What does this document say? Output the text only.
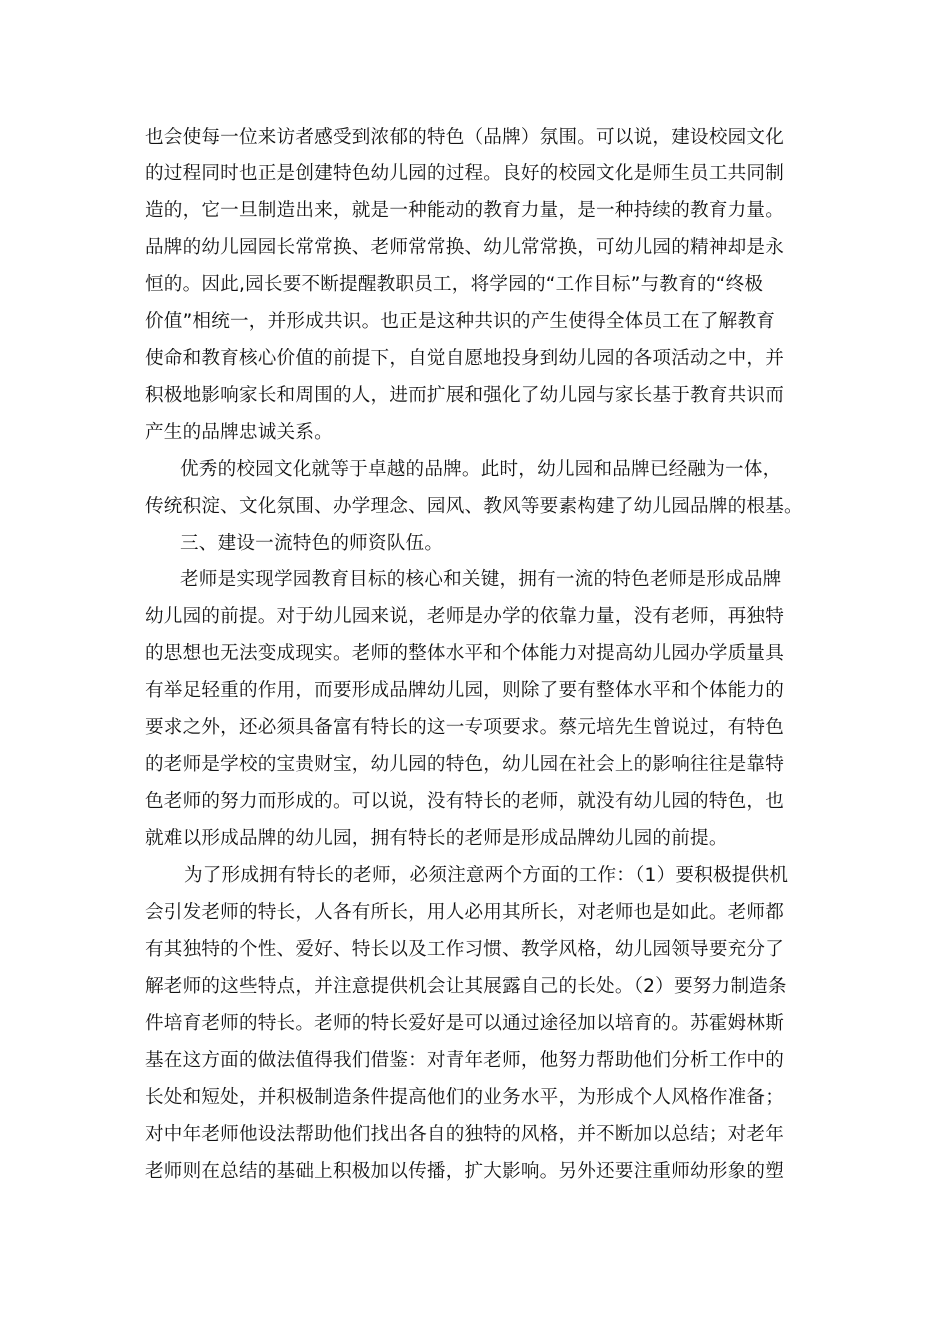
也会使每一位来访者感受到浓郁的特色（品牌）氛围。可以说，建设校园文化
的过程同时也正是创建特色幼儿园的过程。良好的校园文化是师生员工共同制
造的，它一旦制造出来，就是一种能动的教育力量，是一种持续的教育力量。
品牌的幼儿园园长常常换、老师常常换、幼儿常常换，可幼儿园的精神却是永
恒的。因此,园长要不断提醒教职员工，将学园的“工作目标”与教育的“终极
价值”相统一，并形成共识。也正是这种共识的产生使得全体员工在了解教育
使命和教育核心价值的前提下，自觉自愿地投身到幼儿园的各项活动之中，并
积极地影响家长和周围的人，进而扩展和强化了幼儿园与家长基于教育共识而
产生的品牌忠诚关系。
优秀的校园文化就等于卓越的品牌。此时，幼儿园和品牌已经融为一体，
传统积淀、文化氛围、办学理念、园风、教风等要素构建了幼儿园品牌的根基。
三、建设一流特色的师资队伍。
老师是实现学园教育目标的核心和关键，拥有一流的特色老师是形成品牌
幼儿园的前提。对于幼儿园来说，老师是办学的依靠力量，没有老师，再独特
的思想也无法变成现实。老师的整体水平和个体能力对提高幼儿园办学质量具
有举足轻重的作用，而要形成品牌幼儿园，则除了要有整体水平和个体能力的
要求之外，还必须具备富有特长的这一专项要求。蔡元培先生曾说过，有特色
的老师是学校的宝贵财宝，幼儿园的特色，幼儿园在社会上的影响往往是靠特
色老师的努力而形成的。可以说，没有特长的老师，就没有幼儿园的特色，也
就难以形成品牌的幼儿园，拥有特长的老师是形成品牌幼儿园的前提。
为了形成拥有特长的老师，必须注意两个方面的工作：（1）要积极提供机
会引发老师的特长，人各有所长，用人必用其所长，对老师也是如此。老师都
有其独特的个性、爱好、特长以及工作习惯、教学风格，幼儿园领导要充分了
解老师的这些特点，并注意提供机会让其展露自己的长处。（2）要努力制造条
件培育老师的特长。老师的特长爱好是可以通过途径加以培育的。苏霍姆林斯
基在这方面的做法值得我们借鉴：对青年老师，他努力帮助他们分析工作中的
长处和短处，并积极制造条件提高他们的业务水平，为形成个人风格作准备；
对中年老师他设法帮助他们找出各自的独特的风格，并不断加以总结；对老年
老师则在总结的基础上积极加以传播，扩大影响。另外还要注重师幼形象的塑
